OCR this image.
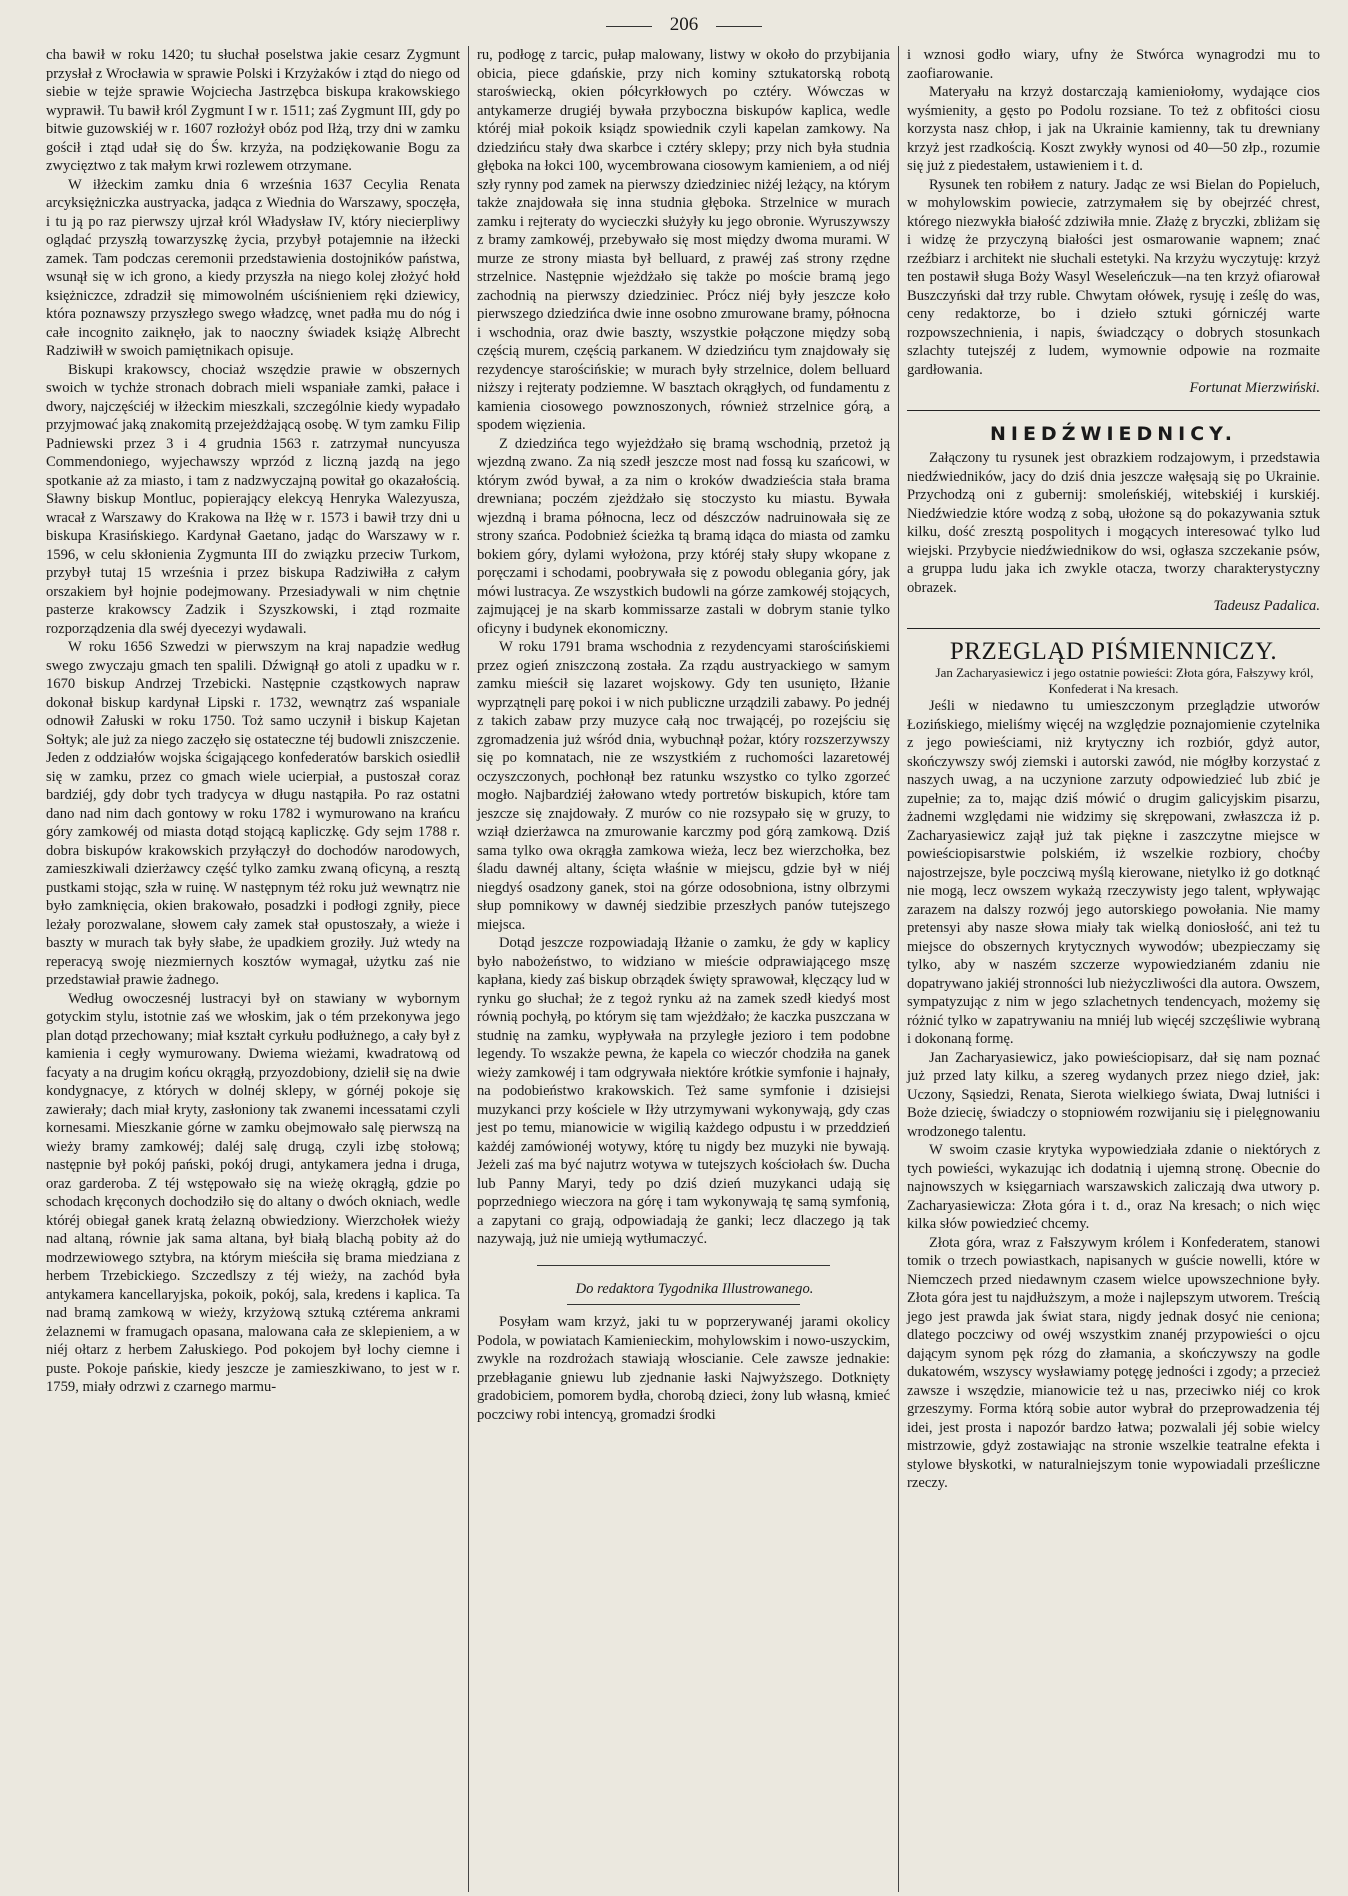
206

cha bawił w roku 1420; tu słuchał poselstwa jakie cesarz Zygmunt przysłał z Wrocławia w sprawie Polski i Krzyżaków i ztąd do niego od siebie w tejże sprawie Wojciecha Jastrzębca biskupa krakowskiego wyprawił. Tu bawił król Zygmunt I w r. 1511; zaś Zygmunt III, gdy po bitwie guzowskiéj w r. 1607 rozłożył obóz pod Iłżą, trzy dni w zamku gościł i ztąd udał się do Św. krzyża, na podziękowanie Bogu za zwycięztwo z tak małym krwi rozlewem otrzymane.

W iłżeckim zamku dnia 6 września 1637 Cecylia Renata arcyksiężniczka austryacka, jadąca z Wiednia do Warszawy, spoczęła, i tu ją po raz pierwszy ujrzał król Władysław IV, który niecierpliwy oglądać przyszłą towarzyszkę życia, przybył potajemnie na iłżecki zamek. Tam podczas ceremonii przedstawienia dostojników państwa, wsunął się w ich grono, a kiedy przyszła na niego kolej złożyć hołd księżniczce, zdradził się mimowolném uściśnieniem ręki dziewicy, która poznawszy przyszłego swego władzcę, wnet padła mu do nóg i całe incognito zaiknęło, jak to naoczny świadek książę Albrecht Radziwiłł w swoich pamiętnikach opisuje.

Biskupi krakowscy, chociaż wszędzie prawie w obszernych swoich w tychże stronach dobrach mieli wspaniałe zamki, pałace i dwory, najczęściéj w iłżeckim mieszkali, szczególnie kiedy wypadało przyjmować jaką znakomitą przejeżdżającą osobę. W tym zamku Filip Padniewski przez 3 i 4 grudnia 1563 r. zatrzymał nuncyusza Commendoniego, wyjechawszy wprzód z liczną jazdą na jego spotkanie aż za miasto, i tam z nadzwyczajną powitał go okazałością. Sławny biskup Montluc, popierający elekcyą Henryka Walezyusza, wracał z Warszawy do Krakowa na Iłżę w r. 1573 i bawił trzy dni u biskupa Krasińskiego. Kardynał Gaetano, jadąc do Warszawy w r. 1596, w celu skłonienia Zygmunta III do związku przeciw Turkom, przybył tutaj 15 września i przez biskupa Radziwiłła z całym orszakiem był hojnie podejmowany. Przesiadywali w nim chętnie pasterze krakowscy Zadzik i Szyszkowski, i ztąd rozmaite rozporządzenia dla swéj dyecezyi wydawali.

W roku 1656 Szwedzi w pierwszym na kraj napadzie według swego zwyczaju gmach ten spalili. Dźwignął go atoli z upadku w r. 1670 biskup Andrzej Trzebicki. Następnie cząstkowych napraw dokonał biskup kardynał Lipski r. 1732, wewnątrz zaś wspaniale odnowił Załuski w roku 1750. Toż samo uczynił i biskup Kajetan Sołtyk; ale już za niego zaczęło się ostateczne téj budowli zniszczenie. Jeden z oddziałów wojska ścigającego konfederatów barskich osiedlił się w zamku, przez co gmach wiele ucierpiał, a pustoszał coraz bardziéj, gdy dobr tych tradycya w długu nastąpiła. Po raz ostatni dano nad nim dach gontowy w roku 1782 i wymurowano na krańcu góry zamkowéj od miasta dotąd stojącą kapliczkę. Gdy sejm 1788 r. dobra biskupów krakowskich przyłączył do dochodów narodowych, zamieszkiwali dzierżawcy część tylko zamku zwaną oficyną, a resztą pustkami stojąc, szła w ruinę. W następnym téż roku już wewnątrz nie było zamknięcia, okien brakowało, posadzki i podłogi zgniły, piece leżały porozwalane, słowem cały zamek stał opustoszały, a wieże i baszty w murach tak były słabe, że upadkiem groziły. Już wtedy na reperacyą swoję niezmiernych kosztów wymagał, użytku zaś nie przedstawiał prawie żadnego.

Według owoczesnéj lustracyi był on stawiany w wybornym gotyckim stylu, istotnie zaś we włoskim, jak o tém przekonywa jego plan dotąd przechowany; miał kształt cyrkułu podłużnego, a cały był z kamienia i cegły wymurowany. Dwiema wieżami, kwadratową od facyaty a na drugim końcu okrągłą, przyozdobiony, dzielił się na dwie kondygnacye, z których w dolnéj sklepy, w górnéj pokoje się zawierały; dach miał kryty, zasłoniony tak zwanemi incessatami czyli kornesami. Mieszkanie górne w zamku obejmowało salę pierwszą na wieży bramy zamkowéj; daléj salę drugą, czyli izbę stołową; następnie był pokój pański, pokój drugi, antykamera jedna i druga, oraz garderoba. Z téj wstępowało się na wieżę okrągłą, gdzie po schodach kręconych dochodziło się do altany o dwóch okniach, wedle któréj obiegał ganek kratą żelazną obwiedziony. Wierzchołek wieży nad altaną, równie jak sama altana, był białą blachą pobity aż do modrzewiowego sztybra, na którym mieściła się brama miedziana z herbem Trzebickiego. Szczedlszy z téj wieży, na zachód była antykamera kancellaryjska, pokoik, pokój, sala, kredens i kaplica. Ta nad bramą zamkową w wieży, krzyżową sztuką cztérema ankrami żelaznemi w framugach opasana, malowana cała ze sklepieniem, a w niéj ołtarz z herbem Załuskiego. Pod pokojem był lochy ciemne i puste. Pokoje pańskie, kiedy jeszcze je zamieszkiwano, to jest w r. 1759, miały odrzwi z czarnego marmu-

ru, podłogę z tarcic, pułap malowany, listwy w około do przybijania obicia, piece gdańskie, przy nich kominy sztukatorską robotą staroświecką, okien półcyrkłowych po cztéry. Wówczas w antykamerze drugiéj bywała przyboczna biskupów kaplica, wedle któréj miał pokoik ksiądz spowiednik czyli kapelan zamkowy. Na dziedzińcu stały dwa skarbce i cztéry sklepy; przy nich była studnia głęboka na łokci 100, wycembrowana ciosowym kamieniem, a od niéj szły rynny pod zamek na pierwszy dziedziniec niżéj leżący, na którym także znajdowała się inna studnia głęboka. Strzelnice w murach zamku i rejteraty do wycieczki służyły ku jego obronie. Wyruszywszy z bramy zamkowéj, przebywało się most między dwoma murami. W murze ze strony miasta był belluard, z prawéj zaś strony rzędne strzelnice. Następnie wjeżdżało się także po moście bramą jego zachodnią na pierwszy dziedziniec. Prócz niéj były jeszcze koło pierwszego dziedzińca dwie inne osobno zmurowane bramy, północna i wschodnia, oraz dwie baszty, wszystkie połączone między sobą częścią murem, częścią parkanem. W dziedzińcu tym znajdowały się rezydencye starościńskie; w murach były strzelnice, dolem belluard niższy i rejteraty podziemne. W basztach okrągłych, od fundamentu z kamienia ciosowego powznoszonych, również strzelnice górą, a spodem więzienia.

Z dziedzińca tego wyjeżdżało się bramą wschodnią, przetoż ją wjezdną zwano. Za nią szedł jeszcze most nad fossą ku szańcowi, w którym zwód bywał, a za nim o kroków dwadzieścia stała brama drewniana; poczém zjeżdżało się stoczysto ku miastu. Bywała wjezdną i brama północna, lecz od dészczów nadruinowała się ze strony szańca. Podobnież ścieżka tą bramą idąca do miasta od zamku bokiem góry, dylami wyłożona, przy któréj stały słupy wkopane z poręczami i schodami, poobrywała się z powodu oblegania góry, jak mówi lustracya. Ze wszystkich budowli na górze zamkowéj stojących, zajmującej je na skarb kommissarze zastali w dobrym stanie tylko oficyny i budynek ekonomiczny.

W roku 1791 brama wschodnia z rezydencyami starościńskiemi przez ogień zniszczoną została. Za rządu austryackiego w samym zamku mieścił się lazaret wojskowy. Gdy ten usunięto, Iłżanie wyprzątnęli parę pokoi i w nich publiczne urządzili zabawy. Po jednéj z takich zabaw przy muzyce całą noc trwającéj, po rozejściu się zgromadzenia już wśród dnia, wybuchnął pożar, który rozszerzywszy się po komnatach, nie ze wszystkiém z ruchomości lazaretowéj oczyszczonych, pochłonął bez ratunku wszystko co tylko zgorzeć mogło. Najbardziéj żałowano wtedy portretów biskupich, które tam jeszcze się znajdowały. Z murów co nie rozsypało się w gruzy, to wziął dzierżawca na zmurowanie karczmy pod górą zamkową. Dziś sama tylko owa okrągła zamkowa wieża, lecz bez wierzchołka, bez śladu dawnéj altany, ścięta właśnie w miejscu, gdzie był w niéj niegdyś osadzony ganek, stoi na górze odosobniona, istny olbrzymi słup pomnikowy w dawnéj siedzibie przeszłych panów tutejszego miejsca.

Dotąd jeszcze rozpowiadają Iłżanie o zamku, że gdy w kaplicy było nabożeństwo, to widziano w mieście odprawiającego mszę kapłana, kiedy zaś biskup obrządek święty sprawował, klęczący lud w rynku go słuchał; że z tegoż rynku aż na zamek szedł kiedyś most równią pochyłą, po którym się tam wjeżdżało; że kaczka puszczana w studnię na zamku, wypływała na przyległe jezioro i tem podobne legendy. To wszakże pewna, że kapela co wieczór chodziła na ganek wieży zamkowéj i tam odgrywała niektóre krótkie symfonie i hajnały, na podobieństwo krakowskich. Też same symfonie i dzisiejsi muzykanci przy kościele w Iłży utrzymywani wykonywają, gdy czas jest po temu, mianowicie w wigilią każdego odpustu i w przeddzień każdéj zamówionéj wotywy, którę tu nigdy bez muzyki nie bywają. Jeżeli zaś ma być najutrz wotywa w tutejszych kościołach św. Ducha lub Panny Maryi, tedy po dziś dzień muzykanci udają się poprzedniego wieczora na górę i tam wykonywają tę samą symfonią, a zapytani co grają, odpowiadają że ganki; lecz dlaczego ją tak nazywają, już nie umieją wytłumaczyć.

Do redaktora Tygodnika Illustrowanego.

Posyłam wam krzyż, jaki tu w poprzerywanéj jarami okolicy Podola, w powiatach Kamienieckim, mohylowskim i nowo-uszyckim, zwykle na rozdrożach stawiają włoscianie. Cele zawsze jednakie: przebłaganie gniewu lub zjednanie łaski Najwyższego. Dotknięty gradobiciem, pomorem bydła, chorobą dzieci, żony lub własną, kmieć poczciwy robi intencyą, gromadzi środki

i wznosi godło wiary, ufny że Stwórca wynagrodzi mu to zaofiarowanie.

Materyału na krzyż dostarczają kamieniołomy, wydające cios wyśmienity, a gęsto po Podolu rozsiane. To też z obfitości ciosu korzysta nasz chłop, i jak na Ukrainie kamienny, tak tu drewniany krzyż jest rzadkością. Koszt zwykły wynosi od 40—50 złp., rozumie się już z piedestałem, ustawieniem i t. d.

Rysunek ten robiłem z natury. Jadąc ze wsi Bielan do Popieluch, w mohylowskim powiecie, zatrzymałem się by obejrzéć chrest, którego niezwykła białość zdziwiła mnie. Złażę z bryczki, zbliżam się i widzę że przyczyną białości jest osmarowanie wapnem; znać rzeźbiarz i architekt nie słuchali estetyki. Na krzyżu wyczytuję: krzyż ten postawił sługa Boży Wasyl Weseleńczuk—na ten krzyż ofiarował Buszczyński dał trzy ruble. Chwytam ołówek, rysuję i ześlę do was, ceny redaktorze, bo i dzieło sztuki górniczéj warte rozpowszechnienia, i napis, świadczący o dobrych stosunkach szlachty tutejszéj z ludem, wymownie odpowie na rozmaite gardłowania.

Fortunat Mierzwiński.

NIEDŹWIEDNICY.

Załączony tu rysunek jest obrazkiem rodzajowym, i przedstawia niedźwiedników, jacy do dziś dnia jeszcze wałęsają się po Ukrainie. Przychodzą oni z gubernij: smoleńskiéj, witebskiéj i kurskiéj. Niedźwiedzie które wodzą z sobą, ułożone są do pokazywania sztuk kilku, dość zresztą pospolitych i mogących interesować tylko lud wiejski. Przybycie niedźwiednikow do wsi, ogłasza szczekanie psów, a gruppa ludu jaka ich zwykle otacza, tworzy charakterystyczny obrazek.

Tadeusz Padalica.

PRZEGLĄD PIŚMIENNICZY.

Jan Zacharyasiewicz i jego ostatnie powieści: Złota góra, Fałszywy król, Konfederat i Na kresach.

Jeśli w niedawno tu umieszczonym przeglądzie utworów Łozińskiego, mieliśmy więcéj na względzie poznajomienie czytelnika z jego powieściami, niż krytyczny ich rozbiór, gdyż autor, skończywszy swój ziemski i autorski zawód, nie mógłby korzystać z naszych uwag, a na uczynione zarzuty odpowiedzieć lub zbić je zupełnie; za to, mając dziś mówić o drugim galicyjskim pisarzu, żadnemi względami nie widzimy się skrępowani, zwłaszcza iż p. Zacharyasiewicz zajął już tak piękne i zaszczytne miejsce w powieściopisarstwie polskiém, iż wszelkie rozbiory, choćby najostrzejsze, byle poczciwą myślą kierowane, nietylko iż go dotknąć nie mogą, lecz owszem wykażą rzeczywisty jego talent, wpływając zarazem na dalszy rozwój jego autorskiego powołania. Nie mamy pretensyi aby nasze słowa miały tak wielką doniosłość, ani też tu miejsce do obszernych krytycznych wywodów; ubezpieczamy się tylko, aby w naszém szczerze wypowiedzianém zdaniu nie dopatrywano jakiéj stronności lub nieżyczliwości dla autora. Owszem, sympatyzując z nim w jego szlachetnych tendencyach, możemy się różnić tylko w zapatrywaniu na mniéj lub więcéj szczęśliwie wybraną i dokonaną formę.

Jan Zacharyasiewicz, jako powieściopisarz, dał się nam poznać już przed laty kilku, a szereg wydanych przez niego dzieł, jak: Uczony, Sąsiedzi, Renata, Sierota wielkiego świata, Dwaj lutniści i Boże dziecię, świadczy o stopniowém rozwijaniu się i pielęgnowaniu wrodzonego talentu.

W swoim czasie krytyka wypowiedziała zdanie o niektórych z tych powieści, wykazując ich dodatnią i ujemną stronę. Obecnie do najnowszych w księgarniach warszawskich zaliczają dwa utwory p. Zacharyasiewicza: Złota góra i t. d., oraz Na kresach; o nich więc kilka słów powiedzieć chcemy.

Złota góra, wraz z Fałszywym królem i Konfederatem, stanowi tomik o trzech powiastkach, napisanych w guście nowelli, które w Niemczech przed niedawnym czasem wielce upowszechnione były. Złota góra jest tu najdłuższym, a może i najlepszym utworem. Treścią jego jest prawda jak świat stara, nigdy jednak dosyć nie ceniona; dlatego poczciwy od owéj wszystkim znanéj przypowieści o ojcu dającym synom pęk rózg do złamania, a skończywszy na godle dukatowém, wszyscy wysławiamy potęgę jedności i zgody; a przecież zawsze i wszędzie, mianowicie też u nas, przeciwko niéj co krok grzeszymy. Forma którą sobie autor wybrał do przeprowadzenia téj idei, jest prosta i napozór bardzo łatwa; pozwalali jéj sobie wielcy mistrzowie, gdyż zostawiając na stronie wszelkie teatralne efekta i stylowe błyskotki, w naturalniejszym tonie wypowiadali prześliczne rzeczy.
